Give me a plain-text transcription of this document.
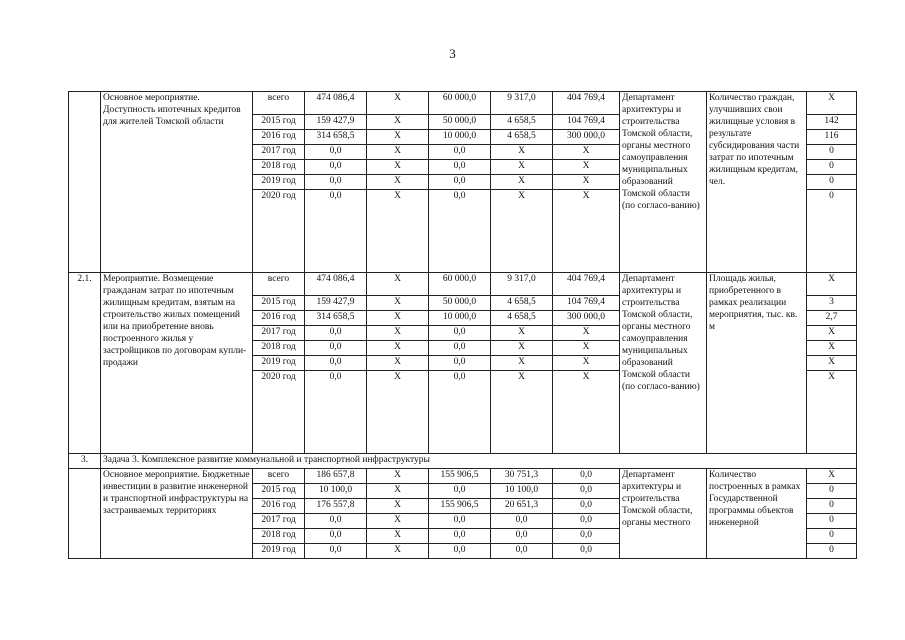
3
	Основное мероприятие. Доступность ипотечных кредитов для жителей Томской области	всего	474 086,4	X	60 000,0	9 317,0	404 769,4	Департамент архитектуры и строительства Томской области, органы местного самоуправления муниципальных образований Томской области (по согласо-ванию)	Количество граждан, улучшивших свои жилищные условия в результате субсидирования части затрат по ипотечным жилищным кредитам, чел.	X
		2015 год	159 427,9	X	50 000,0	4 658,5	104 769,4			142
		2016 год	314 658,5	X	10 000,0	4 658,5	300 000,0			116
		2017 год	0,0	X	0,0	X	X			0
		2018 год	0,0	X	0,0	X	X			0
		2019 год	0,0	X	0,0	X	X			0
		2020 год	0,0	X	0,0	X	X			0
2.1.	Мероприятие. Возмещение гражданам затрат по ипотечным жилищным кредитам, взятым на строительство жилых помещений или на приобретение вновь построенного жилья у застройщиков по договорам купли-продажи	всего	474 086,4	X	60 000,0	9 317,0	404 769,4	Департамент архитектуры и строительства Томской области, органы местного самоуправления муниципальных образований Томской области (по согласо-ванию)	Площадь жилья, приобретенного в рамках реализации мероприятия, тыс. кв. м	X
		2015 год	159 427,9	X	50 000,0	4 658,5	104 769,4			3
		2016 год	314 658,5	X	10 000,0	4 658,5	300 000,0			2,7
		2017 год	0,0	X	0,0	X	X			X
		2018 год	0,0	X	0,0	X	X			X
		2019 год	0,0	X	0,0	X	X			X
		2020 год	0,0	X	0,0	X	X			X
3.	Задача 3. Комплексное развитие коммунальной и транспортной инфраструктуры									
	Основное мероприятие. Бюджетные инвестиции в развитие инженерной и транспортной инфраструктуры на застраиваемых территориях	всего	186 657,8	X	155 906,5	30 751,3	0,0	Департамент архитектуры и строительства Томской области, органы местного	Количество построенных в рамках Государственной программы объектов инженерной	X
		2015 год	10 100,0	X	0,0	10 100,0	0,0			0
		2016 год	176 557,8	X	155 906,5	20 651,3	0,0			0
		2017 год	0,0	X	0,0	0,0	0,0			0
		2018 год	0,0	X	0,0	0,0	0,0			0
		2019 год	0,0	X	0,0	0,0	0,0			0
